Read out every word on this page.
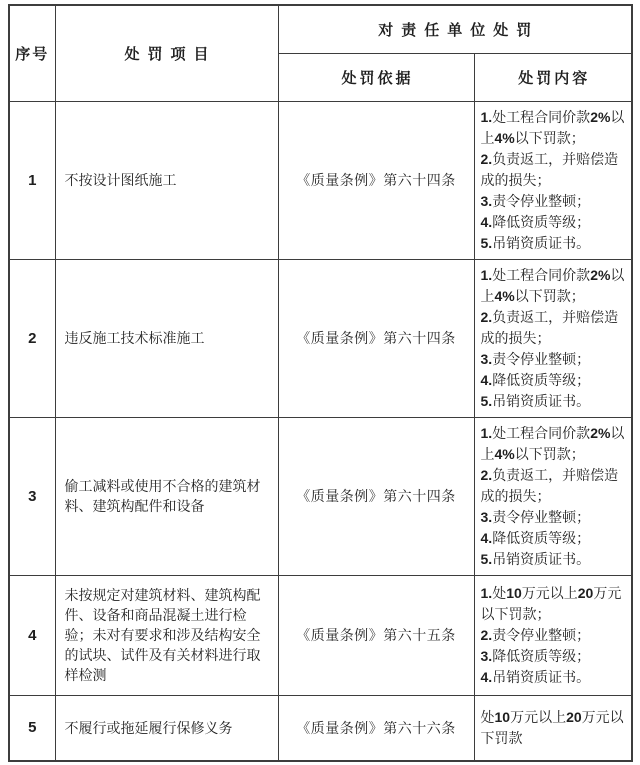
序号	处罚项目	对责任单位处罚	
		处罚依据	处罚内容
1	不按设计图纸施工	《质量条例》第六十四条	1.处工程合同价款2%以上4%以下罚款；
2.负责返工，并赔偿造成的损失；
3.责令停业整顿；
4.降低资质等级；
5.吊销资质证书。

2	违反施工技术标准施工	《质量条例》第六十四条	1.处工程合同价款2%以上4%以下罚款；
2.负责返工，并赔偿造成的损失；
3.责令停业整顿；
4.降低资质等级；
5.吊销资质证书。

3	偷工减料或使用不合格的建筑材料、建筑构配件和设备	《质量条例》第六十四条	1.处工程合同价款2%以上4%以下罚款；
2.负责返工，并赔偿造成的损失；
3.责令停业整顿；
4.降低资质等级；
5.吊销资质证书。

4	未按规定对建筑材料、建筑构配件、设备和商品混凝土进行检验；未对有要求和涉及结构安全的试块、试件及有关材料进行取样检测	《质量条例》第六十五条	1.处10万元以上20万元以下罚款；
2.责令停业整顿；
3.降低资质等级；
4.吊销资质证书。

5	不履行或拖延履行保修义务	《质量条例》第六十六条	处10万元以上20万元以下罚款
